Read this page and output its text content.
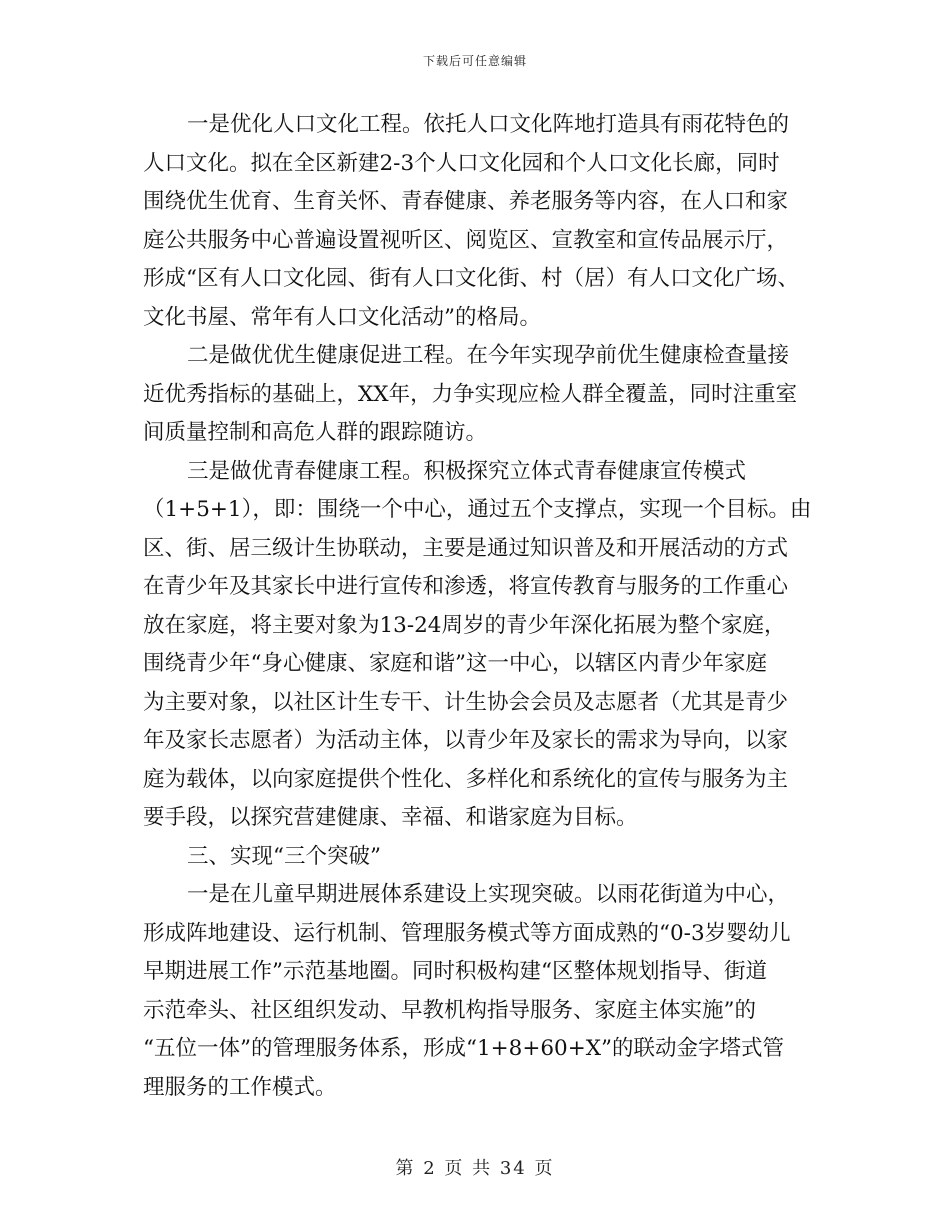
下载后可任意编辑
一是优化人口文化工程。依托人口文化阵地打造具有雨花特色的
人口文化。拟在全区新建2-3个人口文化园和个人口文化长廊，同时
围绕优生优育、生育关怀、青春健康、养老服务等内容，在人口和家
庭公共服务中心普遍设置视听区、阅览区、宣教室和宣传品展示厅，
形成“区有人口文化园、街有人口文化街、村（居）有人口文化广场、
文化书屋、常年有人口文化活动”的格局。
二是做优优生健康促进工程。在今年实现孕前优生健康检查量接
近优秀指标的基础上，XX年，力争实现应检人群全覆盖，同时注重室
间质量控制和高危人群的跟踪随访。
三是做优青春健康工程。积极探究立体式青春健康宣传模式
（1+5+1），即：围绕一个中心，通过五个支撑点，实现一个目标。由
区、街、居三级计生协联动，主要是通过知识普及和开展活动的方式
在青少年及其家长中进行宣传和渗透，将宣传教育与服务的工作重心
放在家庭，将主要对象为13-24周岁的青少年深化拓展为整个家庭，
围绕青少年“身心健康、家庭和谐”这一中心，以辖区内青少年家庭
为主要对象，以社区计生专干、计生协会会员及志愿者（尤其是青少
年及家长志愿者）为活动主体，以青少年及家长的需求为导向，以家
庭为载体，以向家庭提供个性化、多样化和系统化的宣传与服务为主
要手段，以探究营建健康、幸福、和谐家庭为目标。
三、实现“三个突破”
一是在儿童早期进展体系建设上实现突破。以雨花街道为中心，
形成阵地建设、运行机制、管理服务模式等方面成熟的“0-3岁婴幼儿
早期进展工作”示范基地圈。同时积极构建“区整体规划指导、街道
示范牵头、社区组织发动、早教机构指导服务、家庭主体实施”的
“五位一体”的管理服务体系，形成“1+8+60+X”的联动金字塔式管
理服务的工作模式。
第 2 页 共 34 页
